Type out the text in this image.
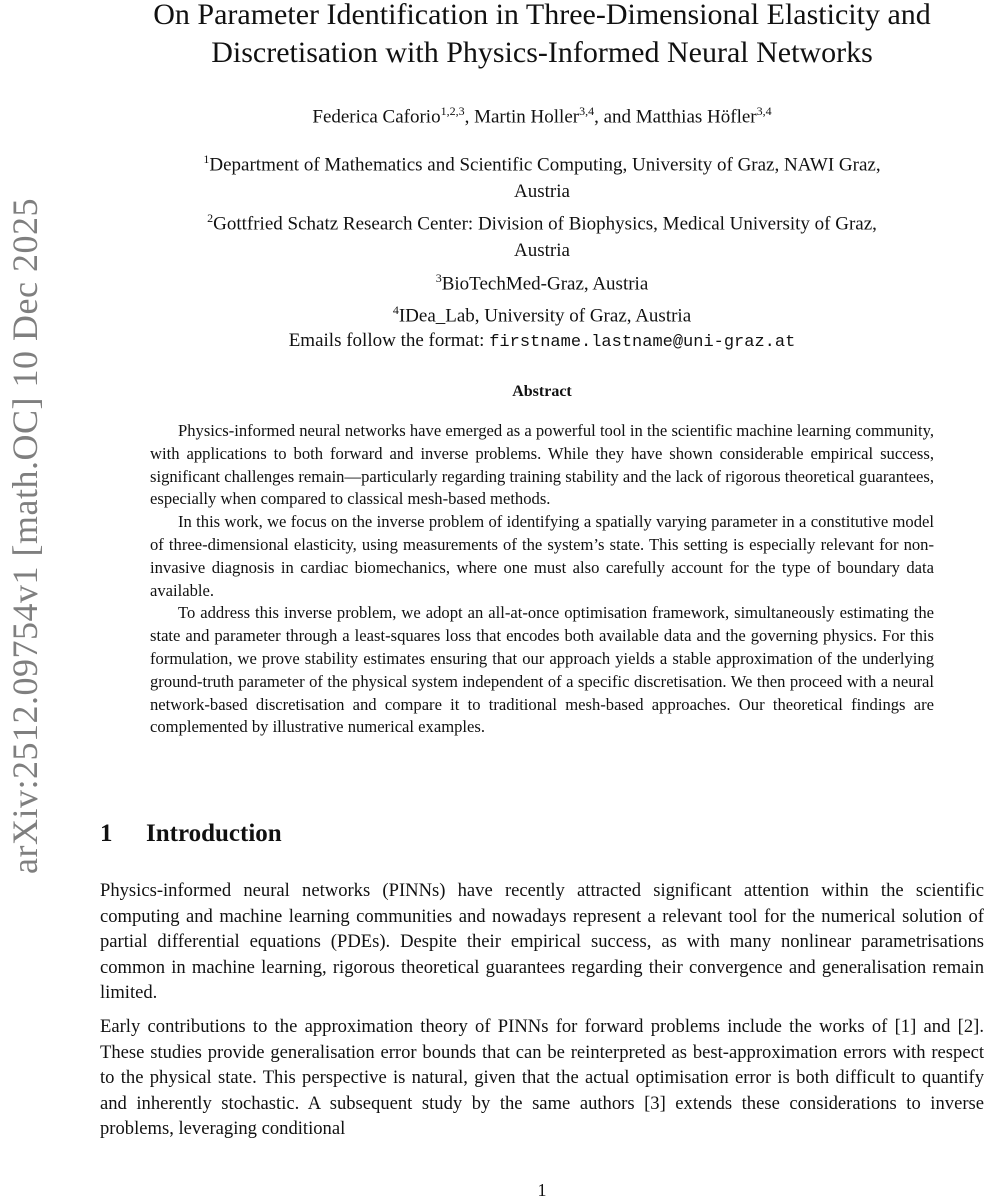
arXiv:2512.09754v1 [math.OC] 10 Dec 2025
On Parameter Identification in Three-Dimensional Elasticity and
Discretisation with Physics-Informed Neural Networks
Federica Caforio$^{1,2,3}$, Martin Holler$^{3,4}$, and Matthias Höfler$^{3,4}$
$^1$Department of Mathematics and Scientific Computing, University of Graz, NAWI Graz,
Austria
$^2$Gottfried Schatz Research Center: Division of Biophysics, Medical University of Graz,
Austria
$^3$BioTechMed-Graz, Austria
$^4$IDea_Lab, University of Graz, Austria
Emails follow the format: firstname.lastname@uni-graz.at
Abstract

Physics-informed neural networks have emerged as a powerful tool in the scientific machine learning community, with applications to both forward and inverse problems. While they have shown considerable empirical success, significant challenges remain—particularly regarding training stability and the lack of rigorous theoretical guarantees, especially when compared to classical mesh-based methods.

In this work, we focus on the inverse problem of identifying a spatially varying parameter in a constitutive model of three-dimensional elasticity, using measurements of the system’s state. This setting is especially relevant for non-invasive diagnosis in cardiac biomechanics, where one must also carefully account for the type of boundary data available.

To address this inverse problem, we adopt an all-at-once optimisation framework, simultaneously estimating the state and parameter through a least-squares loss that encodes both available data and the governing physics. For this formulation, we prove stability estimates ensuring that our approach yields a stable approximation of the underlying ground-truth parameter of the physical system independent of a specific discretisation. We then proceed with a neural network-based discretisation and compare it to traditional mesh-based approaches. Our theoretical findings are complemented by illustrative numerical examples.

1 Introduction

Physics-informed neural networks (PINNs) have recently attracted significant attention within the scientific computing and machine learning communities and nowadays represent a relevant tool for the numerical solution of partial differential equations (PDEs). Despite their empirical success, as with many nonlinear parametrisations common in machine learning, rigorous theoretical guarantees regarding their convergence and generalisation remain limited.

Early contributions to the approximation theory of PINNs for forward problems include the works of [1] and [2]. These studies provide generalisation error bounds that can be reinterpreted as best-approximation errors with respect to the physical state. This perspective is natural, given that the actual optimisation error is both difficult to quantify and inherently stochastic. A subsequent study by the same authors [3] extends these considerations to inverse problems, leveraging conditional

1
